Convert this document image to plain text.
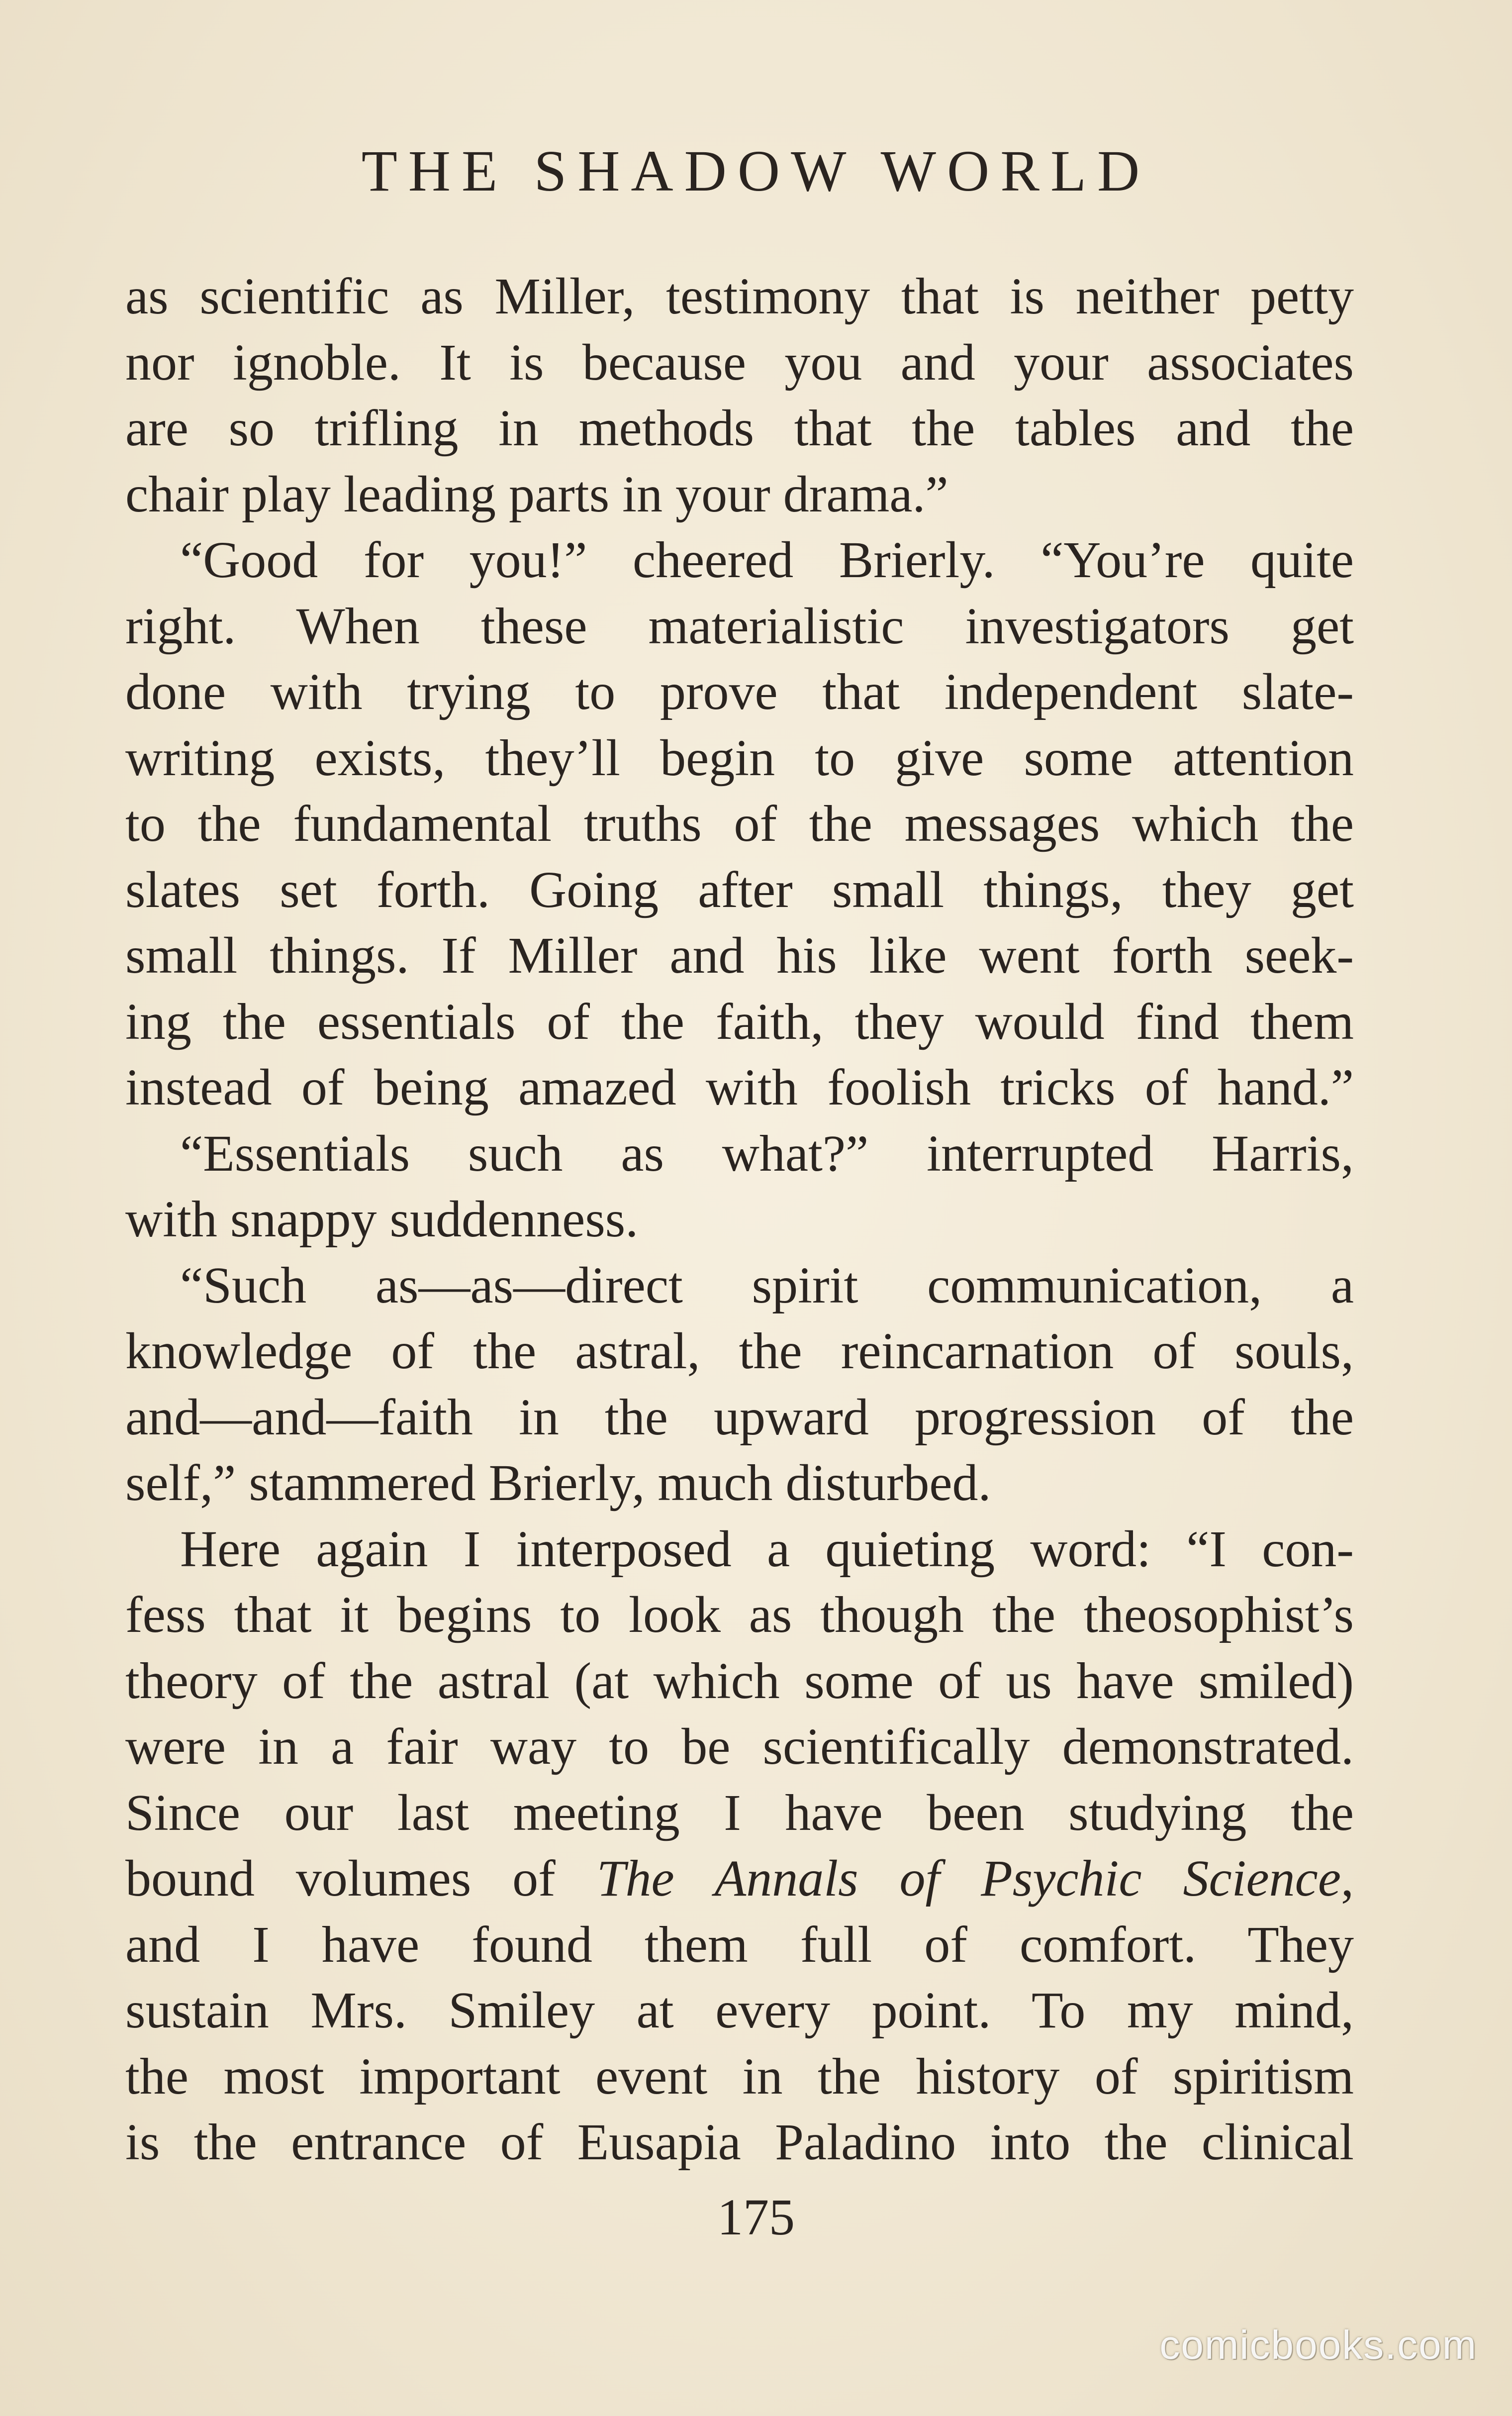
THE SHADOW WORLD
as scientific as Miller, testimony that is neither petty
nor ignoble. It is because you and your associates
are so trifling in methods that the tables and the
chair play leading parts in your drama.”
“Good for you!” cheered Brierly. “You’re quite
right. When these materialistic investigators get
done with trying to prove that independent slate-
writing exists, they’ll begin to give some attention
to the fundamental truths of the messages which the
slates set forth. Going after small things, they get
small things. If Miller and his like went forth seek-
ing the essentials of the faith, they would find them
instead of being amazed with foolish tricks of hand.”
“Essentials such as what?” interrupted Harris,
with snappy suddenness.
“Such as—as—direct spirit communication, a
knowledge of the astral, the reincarnation of souls,
and—and—faith in the upward progression of the
self,” stammered Brierly, much disturbed.
Here again I interposed a quieting word: “I con-
fess that it begins to look as though the theosophist’s
theory of the astral (at which some of us have smiled)
were in a fair way to be scientifically demonstrated.
Since our last meeting I have been studying the
bound volumes of The Annals of Psychic Science,
and I have found them full of comfort. They
sustain Mrs. Smiley at every point. To my mind,
the most important event in the history of spiritism
is the entrance of Eusapia Paladino into the clinical
175
comicbooks.com
